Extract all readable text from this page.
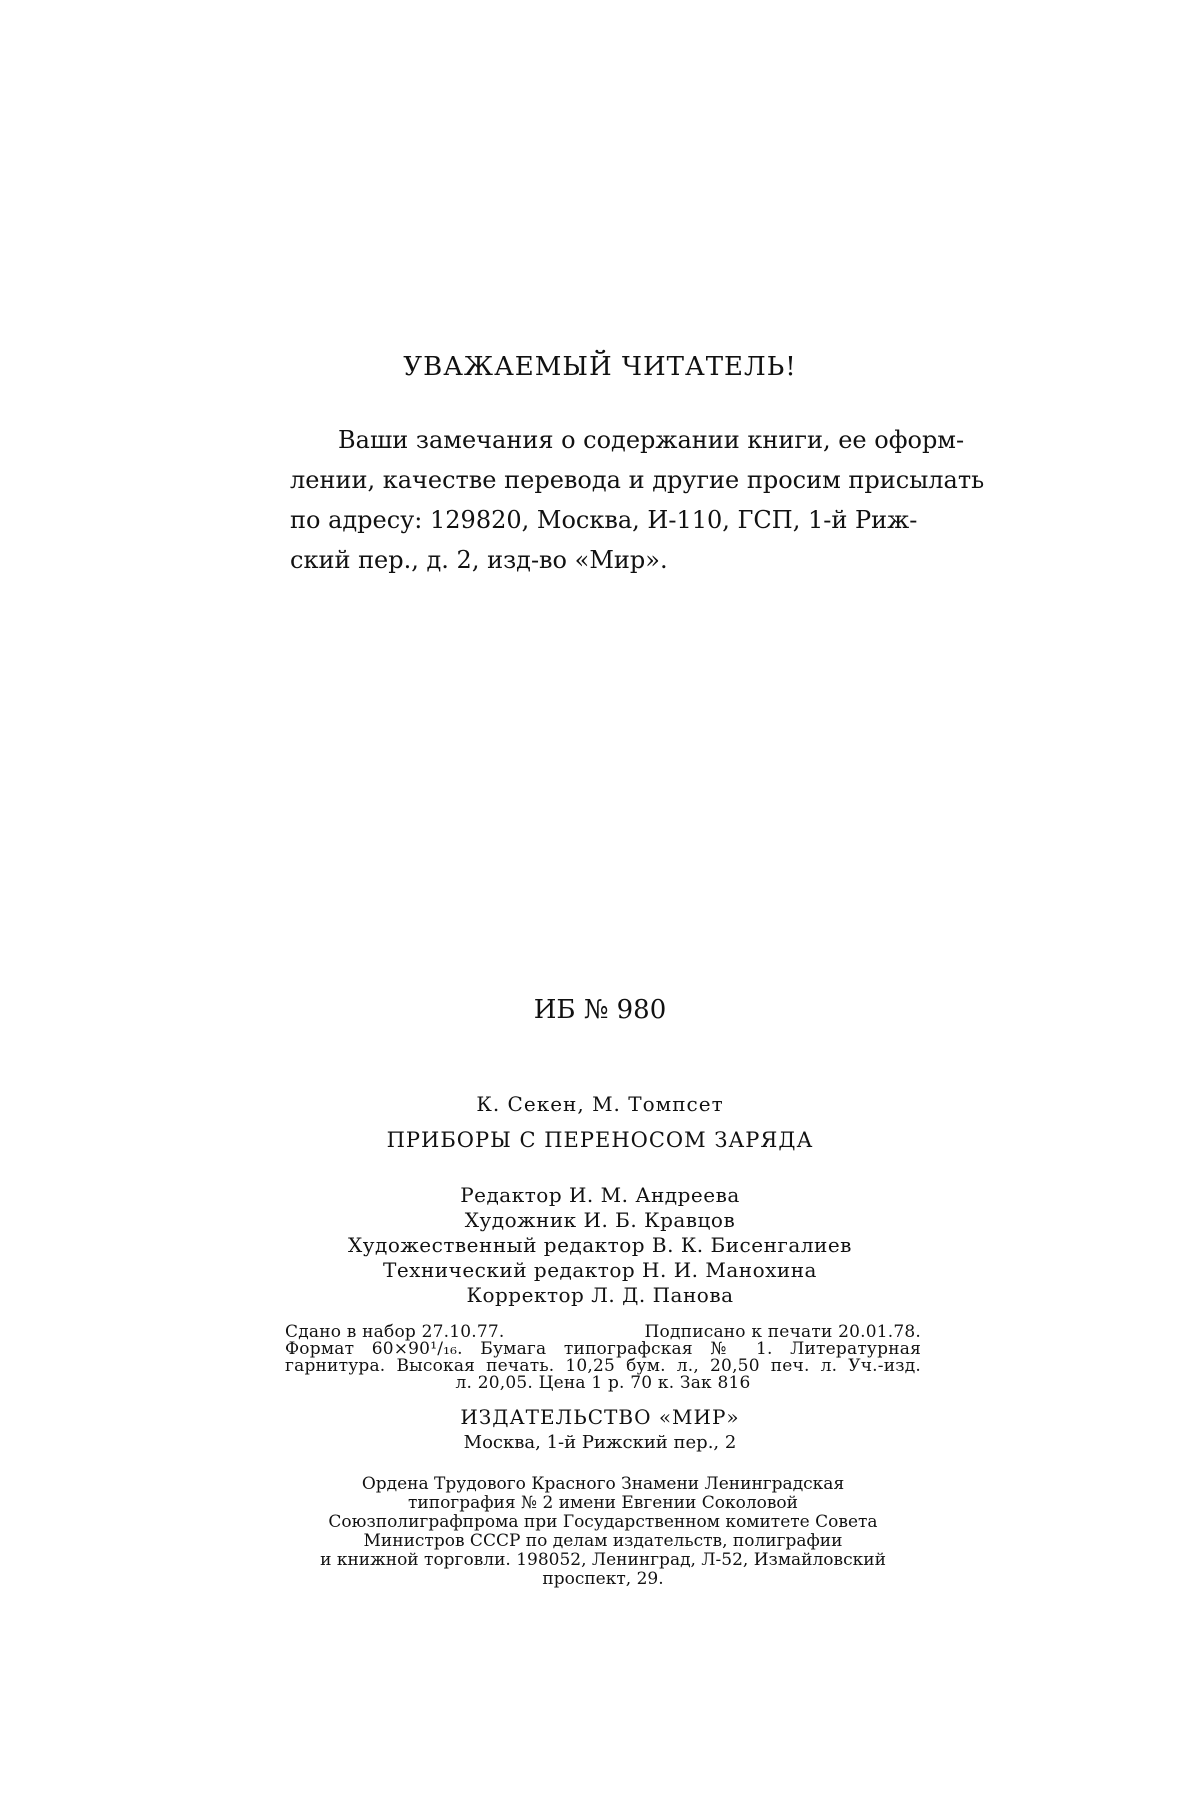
УВАЖАЕМЫЙ ЧИТАТЕЛЬ!
Ваши замечания о содержании книги, ее оформ-
лении, качестве перевода и другие просим присылать
по адресу: 129820, Москва, И-110, ГСП, 1-й Риж-
ский пер., д. 2, изд-во «Мир».
ИБ № 980
К. Секен, М. Томпсет
ПРИБОРЫ С ПЕРЕНОСОМ ЗАРЯДА
Редактор И. М. Андреева
Художник И. Б. Кравцов
Художественный редактор В. К. Бисенгалиев
Технический редактор Н. И. Манохина
Корректор Л. Д. Панова
Сдано в набор 27.10.77.	Подписано к печати 20.01.78.
Формат 60×90¹/₁₆. Бумага типографская № 1. Литературная
гарнитура. Высокая печать. 10,25 бум. л., 20,50 печ. л. Уч.-изд.
л. 20,05. Цена 1 р. 70 к. Зак 816
ИЗДАТЕЛЬСТВО «МИР»
Москва, 1-й Рижский пер., 2
Ордена Трудового Красного Знамени Ленинградская
типография № 2 имени Евгении Соколовой
Союзполиграфпрома при Государственном комитете Совета
Министров СССР по делам издательств, полиграфии
и книжной торговли. 198052, Ленинград, Л-52, Измайловский
проспект, 29.
